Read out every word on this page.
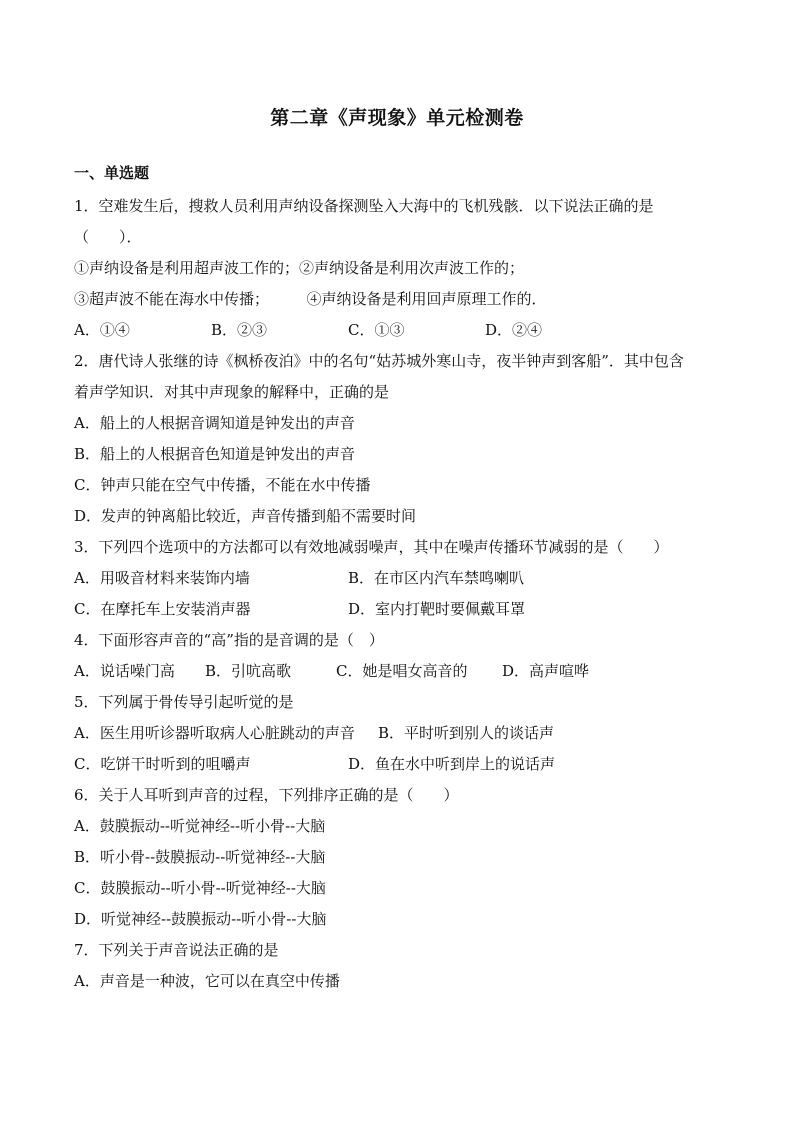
第二章《声现象》单元检测卷
一、单选题
1．空难发生后，搜救人员利用声纳设备探测坠入大海中的飞机残骸．以下说法正确的是
（　　）．
①声纳设备是利用超声波工作的；②声纳设备是利用次声波工作的；
③超声波不能在海水中传播；　　　④声纳设备是利用回声原理工作的．
A．①④	B．②③	C．①③	D．②④
2．唐代诗人张继的诗《枫桥夜泊》中的名句“姑苏城外寒山寺，夜半钟声到客船”．其中包含
着声学知识．对其中声现象的解释中，正确的是
A．船上的人根据音调知道是钟发出的声音
B．船上的人根据音色知道是钟发出的声音
C．钟声只能在空气中传播，不能在水中传播
D．发声的钟离船比较近，声音传播到船不需要时间
3．下列四个选项中的方法都可以有效地减弱噪声，其中在噪声传播环节减弱的是（　　）
A．用吸音材料来装饰内墙	B．在市区内汽车禁鸣喇叭
C．在摩托车上安装消声器	D．室内打靶时要佩戴耳罩
4．下面形容声音的“高”指的是音调的是（　）
A．说话噪门高 B．引吭高歌	C．她是唱女高音的 D．高声喧哗
5．下列属于骨传导引起听觉的是
A．医生用听诊器听取病人心脏跳动的声音 B．平时听到别人的谈话声
C．吃饼干时听到的咀嚼声	D．鱼在水中听到岸上的说话声
6．关于人耳听到声音的过程，下列排序正确的是（　　）
A．鼓膜振动--听觉神经--听小骨--大脑
B．听小骨--鼓膜振动--听觉神经--大脑
C．鼓膜振动--听小骨--听觉神经--大脑
D．听觉神经--鼓膜振动--听小骨--大脑
7．下列关于声音说法正确的是
A．声音是一种波，它可以在真空中传播
